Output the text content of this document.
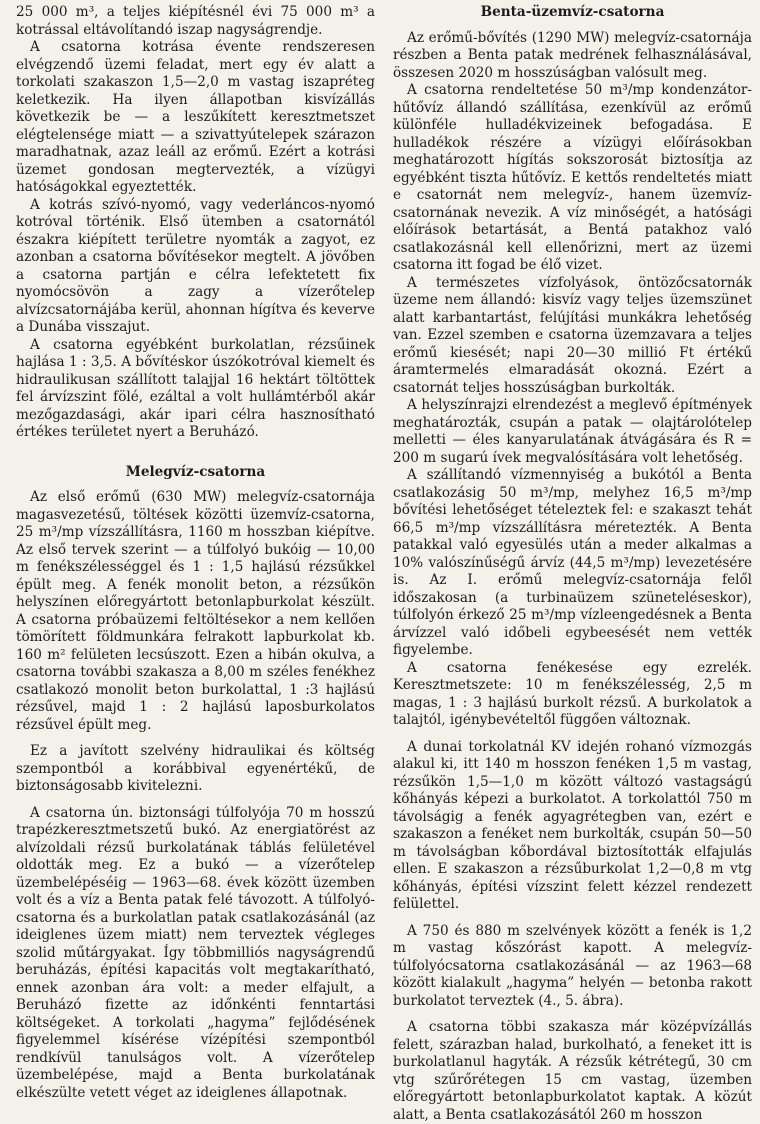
25 000 m³, a teljes kiépítésnél évi 75 000 m³ a kotrással eltávolítandó iszap nagyságrendje.

A csatorna kotrása évente rendszeresen elvégzendő üzemi feladat, mert egy év alatt a torkolati szakaszon 1,5—2,0 m vastag iszapréteg keletkezik. Ha ilyen állapotban kisvízállás következik be — a leszűkített keresztmetszet elégtelensége miatt — a szivattyútelepek szárazon maradhatnak, azaz leáll az erőmű. Ezért a kotrási üzemet gondosan megtervezték, a vízügyi hatóságokkal egyeztették.

A kotrás szívó-nyomó, vagy vederláncos-nyomó kotróval történik. Első ütemben a csatornától északra kiépített területre nyomták a zagyot, ez azonban a csatorna bővítésekor megtelt. A jövőben a csatorna partján e célra lefektetett fix nyomócsövön a zagy a vízerőtelep alvízcsatornájába kerül, ahonnan hígítva és keverve a Dunába visszajut.

A csatorna egyébként burkolatlan, rézsűinek hajlása 1 : 3,5. A bővítéskor úszókotróval kiemelt és hidraulikusan szállított talajjal 16 hektárt töltöttek fel árvízszint fölé, ezáltal a volt hullámtérből akár mezőgazdasági, akár ipari célra hasznosítható értékes területet nyert a Beruházó.

Melegvíz-csatorna

Az első erőmű (630 MW) melegvíz-csatornája magasvezetésű, töltések közötti üzemvíz-csatorna, 25 m³/mp vízszállításra, 1160 m hosszban kiépítve. Az első tervek szerint — a túlfolyó bukóig — 10,00 m fenékszélességgel és 1 : 1,5 hajlású rézsűkkel épült meg. A fenék monolit beton, a rézsűkön helyszínen előregyártott betonlapburkolat készült. A csatorna próbaüzemi feltöltésekor a nem kellően tömörített földmunkára felrakott lapburkolat kb. 160 m² felületen lecsúszott. Ezen a hibán okulva, a csatorna további szakasza a 8,00 m széles fenékhez csatlakozó monolit beton burkolattal, 1 :3 hajlású rézsűvel, majd 1 : 2 hajlású laposburkolatos rézsűvel épült meg.

Ez a javított szelvény hidraulikai és költség szempontból a korábbival egyenértékű, de biztonságosabb kivitelezni.

A csatorna ún. biztonsági túlfolyója 70 m hosszú trapézkeresztmetszetű bukó. Az energiatörést az alvízoldali rézsű burkolatának táblás felületével oldották meg. Ez a bukó — a vízerőtelep üzembelépéséig — 1963—68. évek között üzemben volt és a víz a Benta patak felé távozott. A túlfolyó-csatorna és a burkolatlan patak csatlakozásánál (az ideiglenes üzem miatt) nem terveztek végleges szolid műtárgyakat. Így többmilliós nagyságrendű beruházás, építési kapacitás volt megtakarítható, ennek azonban ára volt: a meder elfajult, a Beruházó fizette az időnkénti fenntartási költségeket. A torkolati „hagyma” fejlődésének figyelemmel kísérése vízépítési szempontból rendkívül tanulságos volt. A vízerőtelep üzembelépése, majd a Benta burkolatának elkészülte vetett véget az ideiglenes állapotnak.

Benta-üzemvíz-csatorna

Az erőmű-bővítés (1290 MW) melegvíz-csatornája részben a Benta patak medrének felhasználásával, összesen 2020 m hosszúságban valósult meg.

A csatorna rendeltetése 50 m³/mp kondenzátor-hűtővíz állandó szállítása, ezenkívül az erőmű különféle hulladékvizeinek befogadása. E hulladékok részére a vízügyi előírásokban meghatározott hígítás sokszorosát biztosítja az egyébként tiszta hűtővíz. E kettős rendeltetés miatt e csatornát nem melegvíz-, hanem üzemvíz-csatornának nevezik. A víz minőségét, a hatósági előírások betartását, a Bentá patakhoz való csatlakozásnál kell ellenőrizni, mert az üzemi csatorna itt fogad be élő vizet.

A természetes vízfolyások, öntözőcsatornák üzeme nem állandó: kisvíz vagy teljes üzemszünet alatt karbantartást, felújítási munkákra lehetőség van. Ezzel szemben e csatorna üzemzavara a teljes erőmű kiesését; napi 20—30 millió Ft értékű áramtermelés elmaradását okozná. Ezért a csatornát teljes hosszúságban burkolták.

A helyszínrajzi elrendezést a meglevő építmények meghatározták, csupán a patak — olajtárolótelep melletti — éles kanyarulatának átvágására és R = 200 m sugarú ívek megvalósítására volt lehetőség.

A szállítandó vízmennyiség a bukótól a Benta csatlakozásig 50 m³/mp, melyhez 16,5 m³/mp bővítési lehetőséget tételeztek fel: e szakaszt tehát 66,5 m³/mp vízszállításra méretezték. A Benta patakkal való egyesülés után a meder alkalmas a 10% valószínűségű árvíz (44,5 m³/mp) levezetésére is. Az I. erőmű melegvíz-csatornája felől időszakosan (a turbinaüzem szüneteléseskor), túlfolyón érkező 25 m³/mp vízleengedésnek a Benta árvízzel való időbeli egybeesését nem vették figyelembe.

A csatorna fenékesése egy ezrelék. Keresztmetszete: 10 m fenékszélesség, 2,5 m magas, 1 : 3 hajlású burkolt rézsű. A burkolatok a talajtól, igénybevételtől függően változnak.

A dunai torkolatnál KV idején rohanó vízmozgás alakul ki, itt 140 m hosszon fenéken 1,5 m vastag, rézsűkön 1,5—1,0 m között változó vastagságú kőhányás képezi a burkolatot. A torkolattól 750 m távolságig a fenék agyagrétegben van, ezért e szakaszon a fenéket nem burkolták, csupán 50—50 m távolságban kőbordával biztosították elfajulás ellen. E szakaszon a rézsűburkolat 1,2—0,8 m vtg kőhányás, építési vízszint felett kézzel rendezett felülettel.

A 750 és 880 m szelvények között a fenék is 1,2 m vastag kőszórást kapott. A melegvíz-túlfolyócsatorna csatlakozásánál — az 1963—68 között kialakult „hagyma” helyén — betonba rakott burkolatot terveztek (4., 5. ábra).

A csatorna többi szakasza már középvízállás felett, szárazban halad, burkolható, a feneket itt is burkolatlanul hagyták. A rézsűk kétrétegű, 30 cm vtg szűrőrétegen 15 cm vastag, üzemben előregyártott betonlapburkolatot kaptak. A közút alatt, a Benta csatlakozásától 260 m hosszon
